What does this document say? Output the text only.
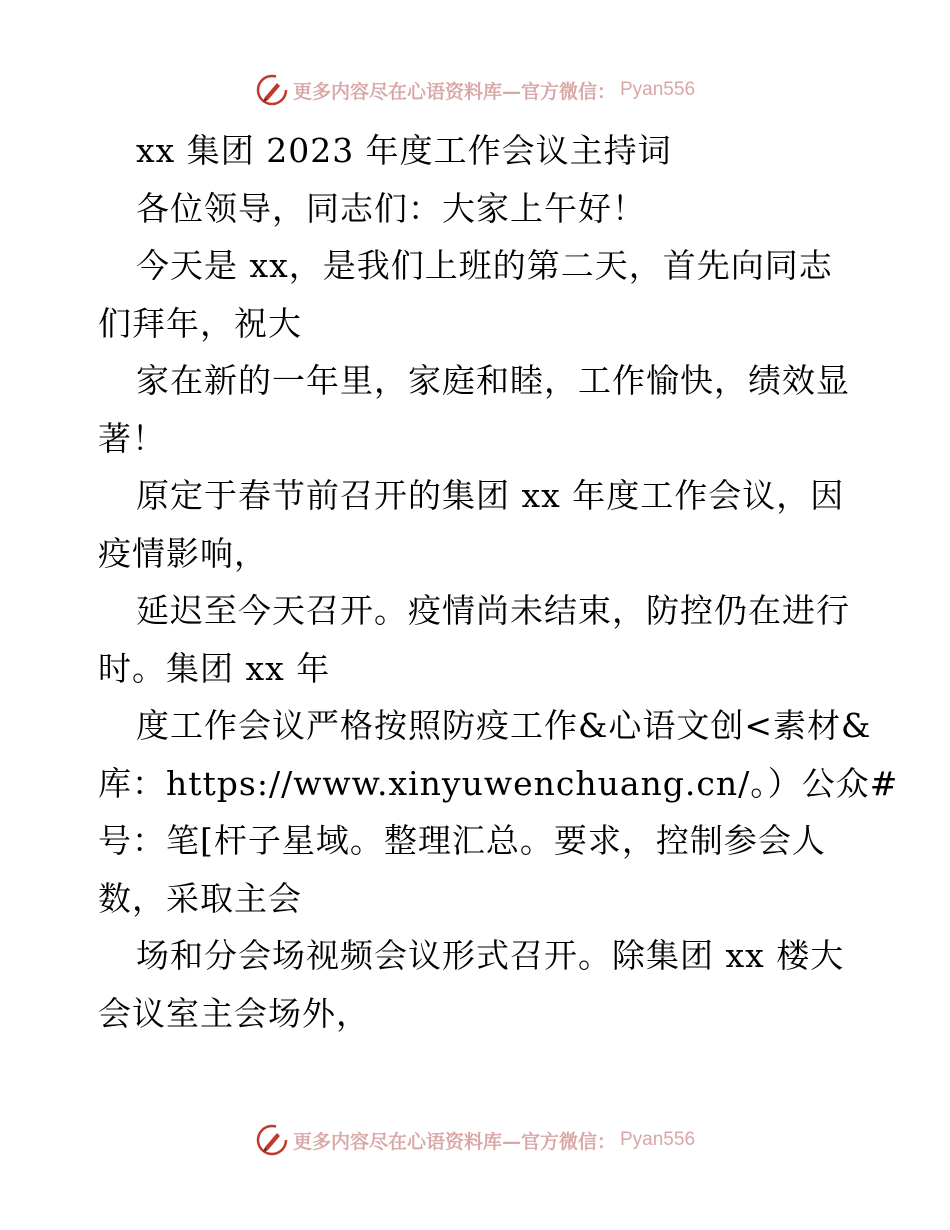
更多内容尽在心语资料库—官方微信： Pyan556
xx 集团 2023 年度工作会议主持词
各位领导，同志们：大家上午好！
今天是 xx，是我们上班的第二天，首先向同志
们拜年，祝大
家在新的一年里，家庭和睦，工作愉快，绩效显
著！
原定于春节前召开的集团 xx 年度工作会议，因
疫情影响，
延迟至今天召开。疫情尚未结束，防控仍在进行
时。集团 xx 年
度工作会议严格按照防疫工作&心语文创<素材&
库：https://www.xinyuwenchuang.cn/。）公众#
号：笔[杆子星域。整理汇总。要求，控制参会人
数，采取主会
场和分会场视频会议形式召开。除集团 xx 楼大
会议室主会场外，
更多内容尽在心语资料库—官方微信： Pyan556
